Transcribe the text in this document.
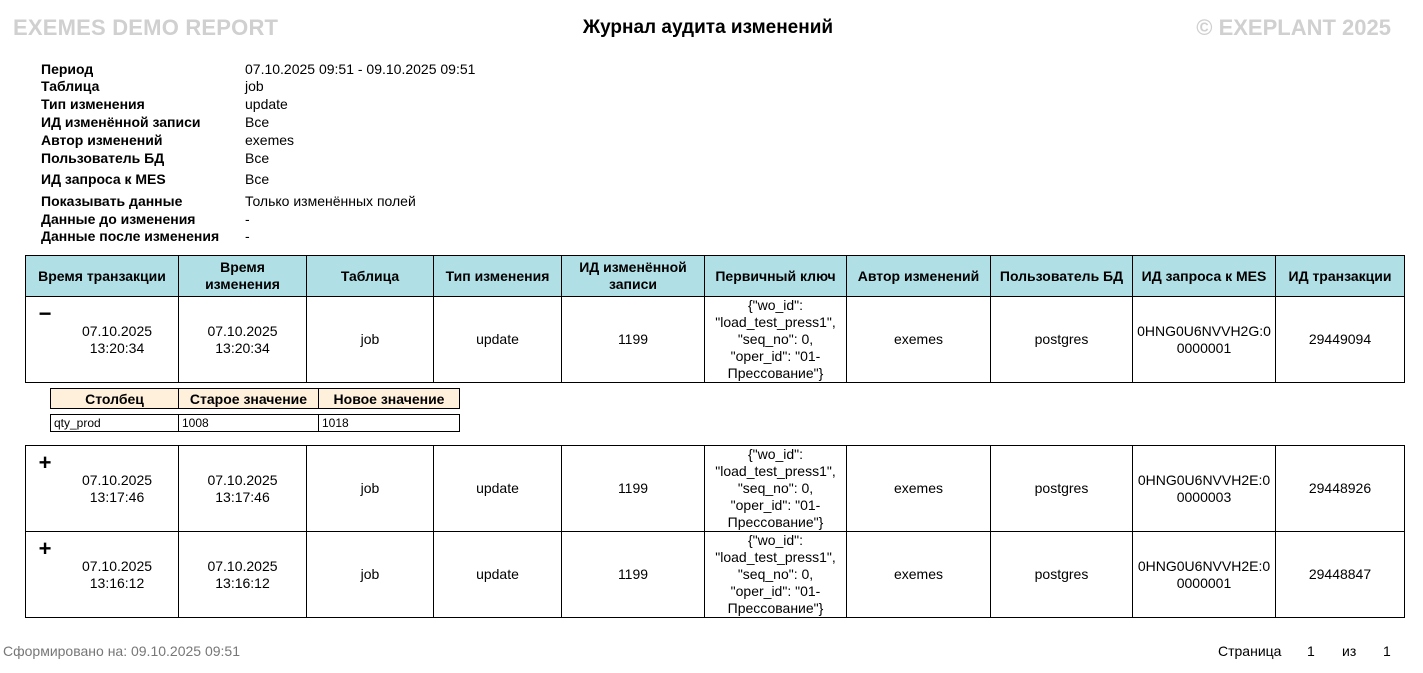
EXEMES DEMO REPORT	Журнал аудита изменений	© EXEPLANT 2025
Период	07.10.2025 09:51 - 09.10.2025 09:51
Таблица	job
Тип изменения	update
ИД изменённой записи	Все
Автор изменений	exemes
Пользователь БД	Все
ИД запроса к MES	Все
Показывать данные	Только изменённых полей
Данные до изменения	-
Данные после изменения -
Время транзакции	Время изменения	Таблица	Тип изменения	ИД изменённой записи	Первичный ключ	Автор изменений	Пользователь БД	ИД запроса к MES	ИД транзакции

−
07.10.2025 13:20:34	07.10.2025 13:20:34	job	update	1199	{"wo_id": "load_test_press1", "seq_no": 0, "oper_id": "01-Прессование"}	exemes	postgres	0HNG0U6NVVH2G:00000001	29449094
Столбец	Старое значение	Новое значение

qty_prod	1008	1018
+
07.10.2025 13:17:46	07.10.2025 13:17:46	job	update	1199	{"wo_id": "load_test_press1", "seq_no": 0, "oper_id": "01-Прессование"}	exemes	postgres	0HNG0U6NVVH2E:00000003	29448926

+
07.10.2025 13:16:12	07.10.2025 13:16:12	job	update	1199	{"wo_id": "load_test_press1", "seq_no": 0, "oper_id": "01-Прессование"}	exemes	postgres	0HNG0U6NVVH2E:00000001	29448847
Сформировано на: 09.10.2025 09:51	Страница 1 из 1
